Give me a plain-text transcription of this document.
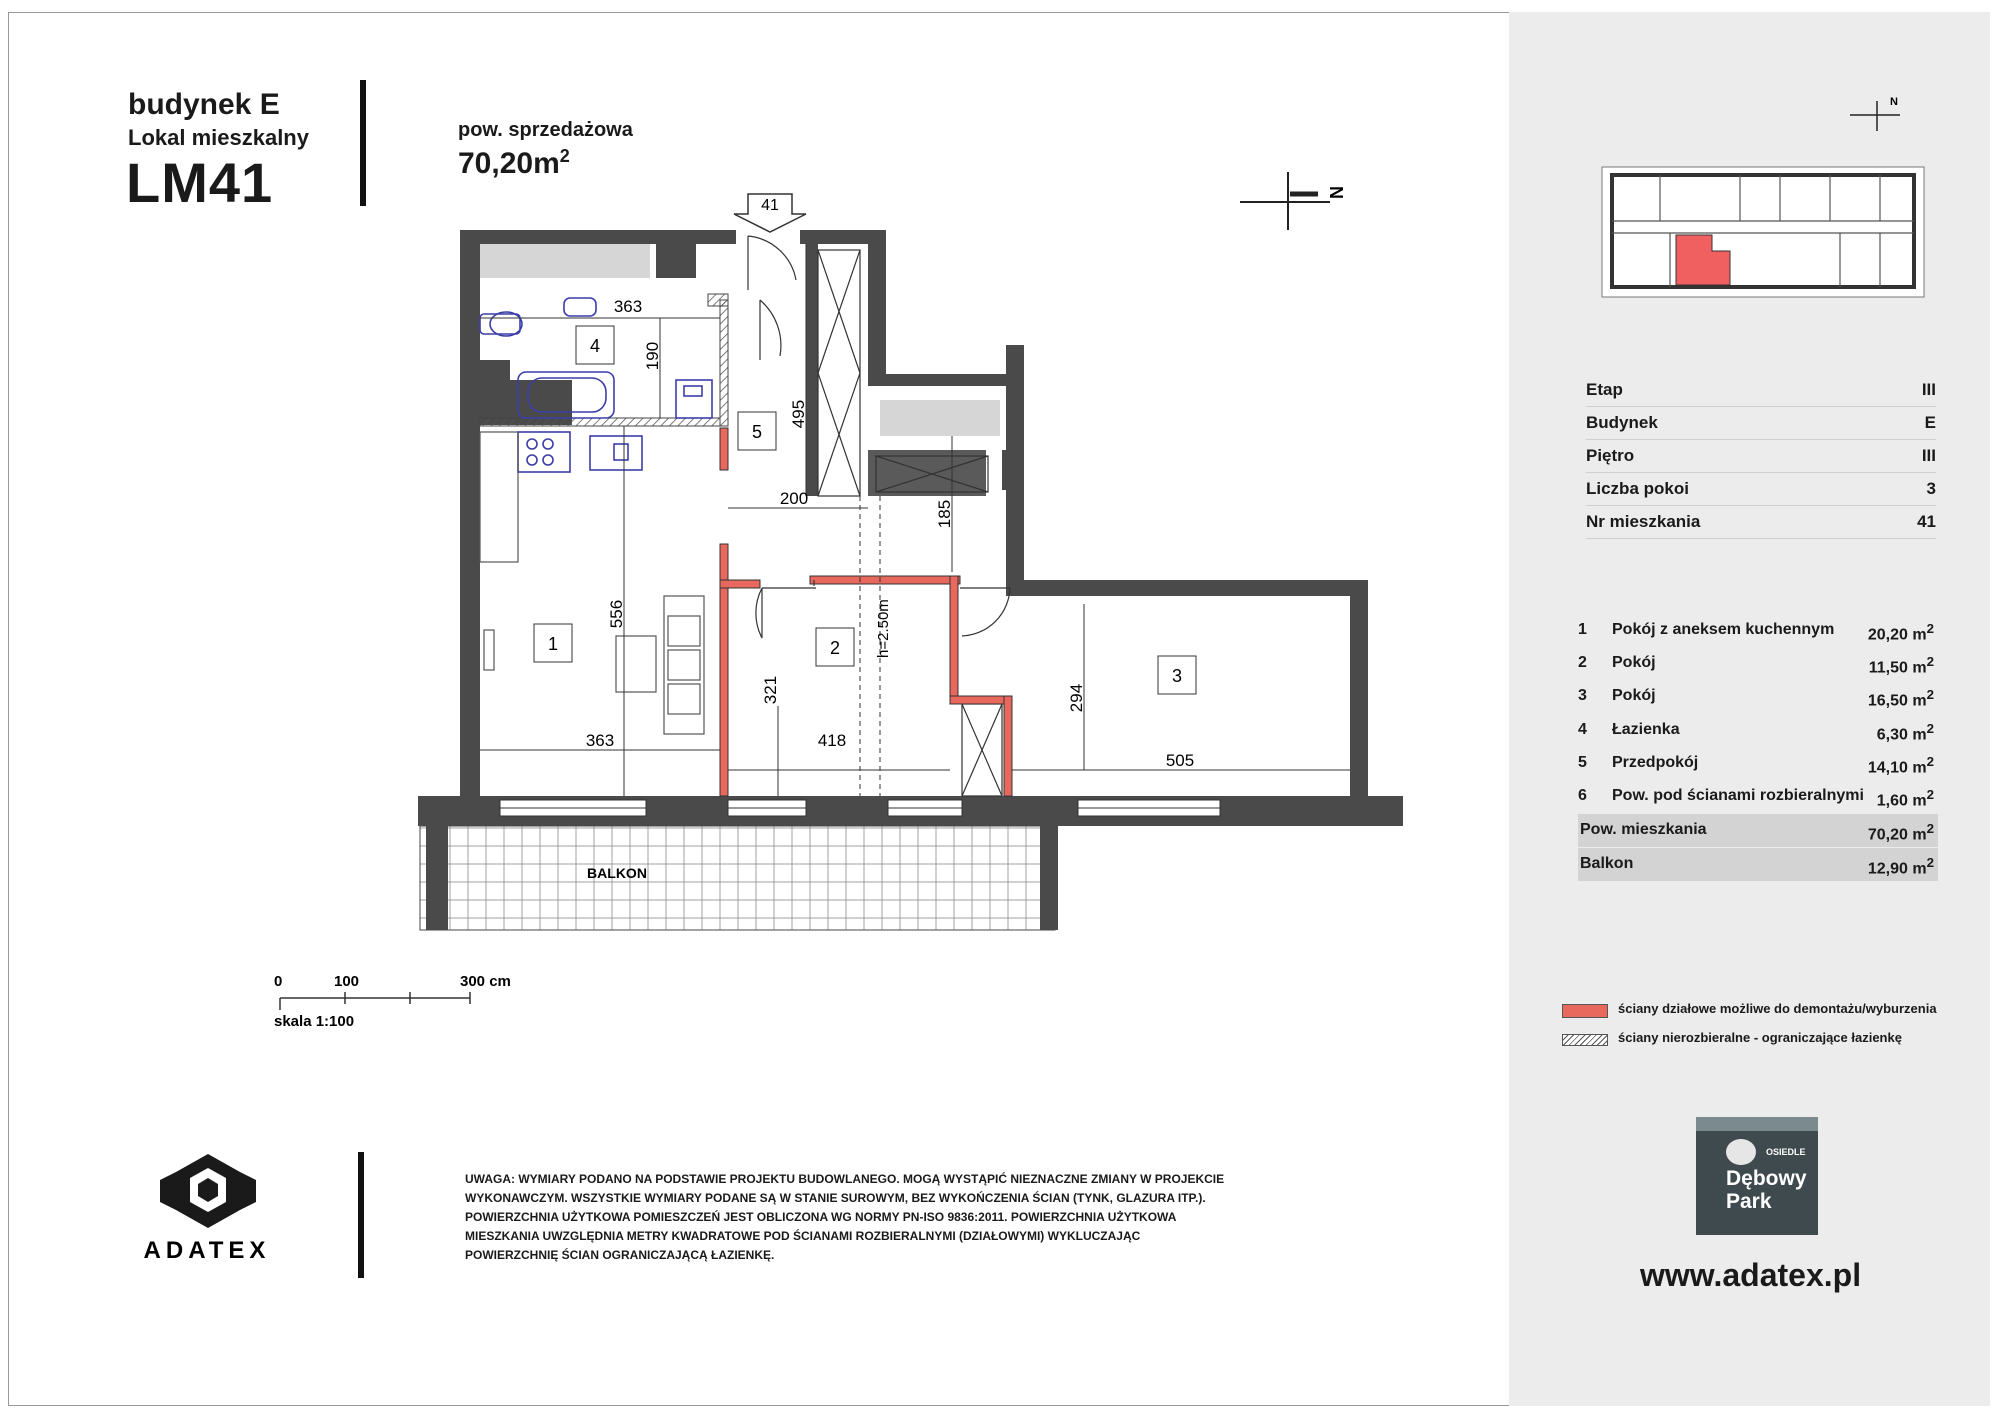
budynek E
Lokal mieszkalny
LM41
pow. sprzedażowa
$70,20m^2$
N
41
BALKON
h=2.50m
363
190
495
200
185
556
363
321
418
294
505
1	2
3
4
5
0	100	300 cm
skala 1:100
ADATEX
UWAGA: WYMIARY PODANO NA PODSTAWIE PROJEKTU BUDOWLANEGO. MOGĄ WYSTĄPIĆ NIEZNACZNE ZMIANY W PROJEKCIE WYKONAWCZYM. WSZYSTKIE WYMIARY PODANE SĄ W STANIE SUROWYM, BEZ WYKOŃCZENIA ŚCIAN (TYNK, GLAZURA ITP.). POWIERZCHNIA UŻYTKOWA POMIESZCZEŃ JEST OBLICZONA WG NORMY PN-ISO 9836:2011. POWIERZCHNIA UŻYTKOWA MIESZKANIA UWZGLĘDNIA METRY KWADRATOWE POD ŚCIANAMI ROZBIERALNYMI (DZIAŁOWYMI) WYKLUCZAJĄC POWIERZCHNIĘ ŚCIAN OGRANICZAJĄCĄ ŁAZIENKĘ.
N
Etap	III
Budynek	E
Piętro	III
Liczba pokoi	3
Nr mieszkania	41
1 Pokój z aneksem kuchennym 20,20 $m^2$
2 Pokój	11,50 $m^2$
3 Pokój	16,50 $m^2$
4 Łazienka	6,30 $m^2$
5 Przedpokój	14,10 $m^2$
6 Pow. pod ścianami rozbieralnymi 1,60 $m^2$
Pow. mieszkania	70,20 $m^2$
Balkon	12,90 $m^2$
ściany działowe możliwe do demontażu/wyburzenia
ściany nierozbieralne - ograniczające łazienkę
OSIEDLE
Dębowy
Park
www.adatex.pl
